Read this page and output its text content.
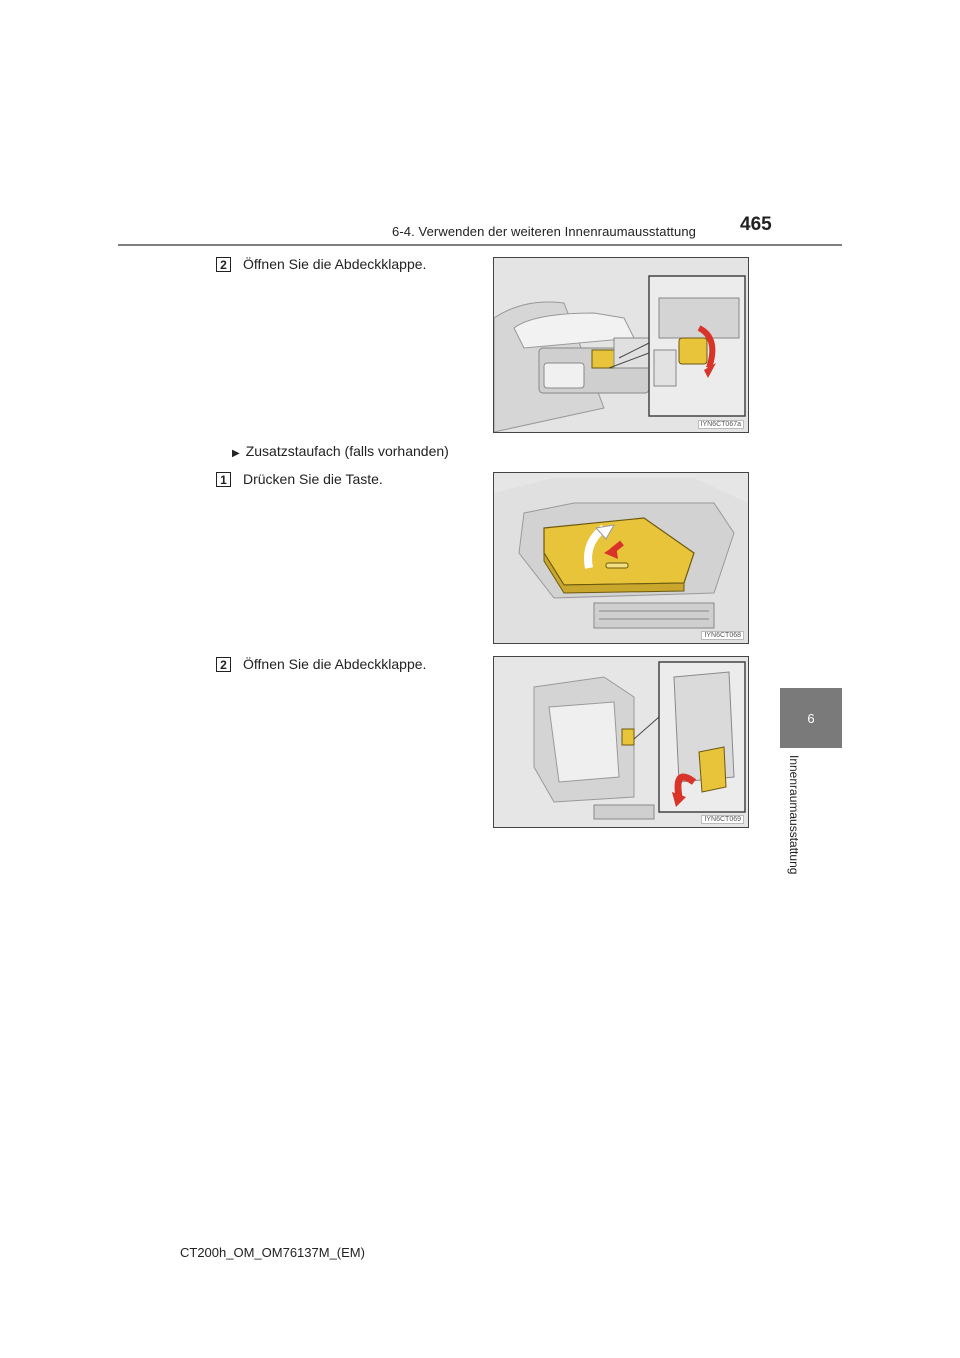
6-4. Verwenden der weiteren Innenraumausstattung 465
6
Innenraumausstattung
2 Öffnen Sie die Abdeckklappe.
IYN6CT067a
▶ Zusatzstaufach (falls vorhanden)
1 Drücken Sie die Taste.
IYN6CT068
2 Öffnen Sie die Abdeckklappe.
IYN6CT069
CT200h_OM_OM76137M_(EM)
